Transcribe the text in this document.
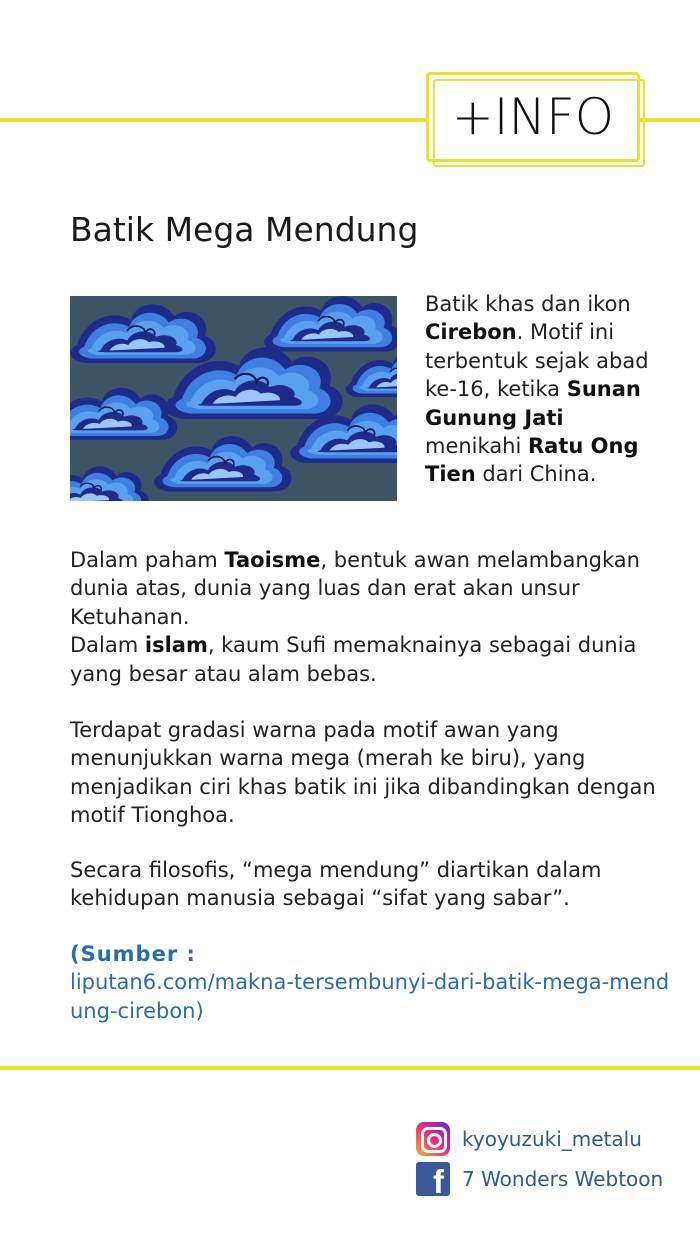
+INFO
Batik Mega Mendung

Batik khas dan ikon Cirebon. Motif ini terbentuk sejak abad ke-16, ketika Sunan Gunung Jati menikahi Ratu Ong Tien dari China.

Dalam paham Taoisme, bentuk awan melambangkan dunia atas, dunia yang luas dan erat akan unsur Ketuhanan.
Dalam islam, kaum Sufi memaknainya sebagai dunia yang besar atau alam bebas.

Terdapat gradasi warna pada motif awan yang menunjukkan warna mega (merah ke biru), yang menjadikan ciri khas batik ini jika dibandingkan dengan motif Tionghoa.

Secara filosofis, “mega mendung” diartikan dalam kehidupan manusia sebagai “sifat yang sabar”.

(Sumber :
liputan6.com/makna-tersembunyi-dari-batik-mega-mendung-cirebon)
kyoyuzuki_metalu
f 7 Wonders Webtoon
